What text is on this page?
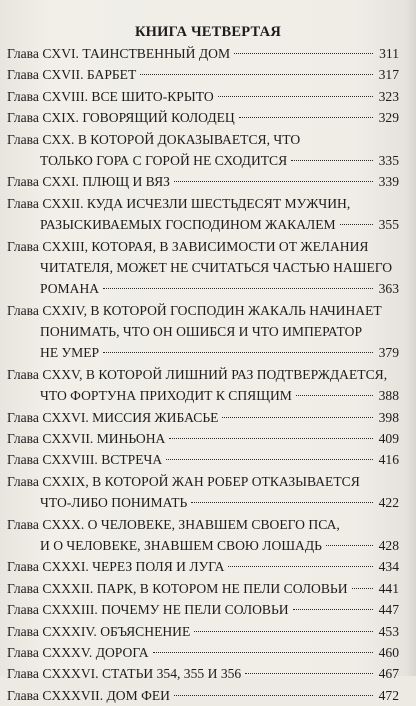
КНИГА ЧЕТВЕРТАЯ
Глава CXVI. ТАИНСТВЕННЫЙ ДОМ	311
Глава CXVII. БАРБЕТ	317
Глава CXVIII. ВСЕ ШИТО-КРЫТО	323
Глава CXIX. ГОВОРЯЩИЙ КОЛОДЕЦ	329
Глава CXX. В КОТОРОЙ ДОКАЗЫВАЕТСЯ, ЧТО
ТОЛЬКО ГОРА С ГОРОЙ НЕ СХОДИТСЯ	335
Глава CXXI. ПЛЮЩ И ВЯЗ	339
Глава CXXII. КУДА ИСЧЕЗЛИ ШЕСТЬДЕСЯТ МУЖЧИН,
РАЗЫСКИВАЕМЫХ ГОСПОДИНОМ ЖАКАЛЕМ	355
Глава CXXIII, КОТОРАЯ, В ЗАВИСИМОСТИ ОТ ЖЕЛАНИЯ
ЧИТАТЕЛЯ, МОЖЕТ НЕ СЧИТАТЬСЯ ЧАСТЬЮ НАШЕГО
РОМАНА	363
Глава CXXIV, В КОТОРОЙ ГОСПОДИН ЖАКАЛЬ НАЧИНАЕТ
ПОНИМАТЬ, ЧТО ОН ОШИБСЯ И ЧТО ИМПЕРАТОР
НЕ УМЕР	379
Глава CXXV, В КОТОРОЙ ЛИШНИЙ РАЗ ПОДТВЕРЖДАЕТСЯ,
ЧТО ФОРТУНА ПРИХОДИТ К СПЯЩИМ	388
Глава CXXVI. МИССИЯ ЖИБАСЬЕ	398
Глава CXXVII. МИНЬОНА	409
Глава CXXVIII. ВСТРЕЧА	416
Глава CXXIX, В КОТОРОЙ ЖАН РОБЕР ОТКАЗЫВАЕТСЯ
ЧТО-ЛИБО ПОНИМАТЬ	422
Глава CXXX. О ЧЕЛОВЕКЕ, ЗНАВШЕМ СВОЕГО ПСА,
И О ЧЕЛОВЕКЕ, ЗНАВШЕМ СВОЮ ЛОШАДЬ	428
Глава CXXXI. ЧЕРЕЗ ПОЛЯ И ЛУГА	434
Глава CXXXII. ПАРК, В КОТОРОМ НЕ ПЕЛИ СОЛОВЬИ 441
Глава CXXXIII. ПОЧЕМУ НЕ ПЕЛИ СОЛОВЬИ	447
Глава CXXXIV. ОБЪЯСНЕНИЕ	453
Глава CXXXV. ДОРОГА	460
Глава CXXXVI. СТАТЬИ 354, 355 И 356	467
Глава CXXXVII. ДОМ ФЕИ	472
